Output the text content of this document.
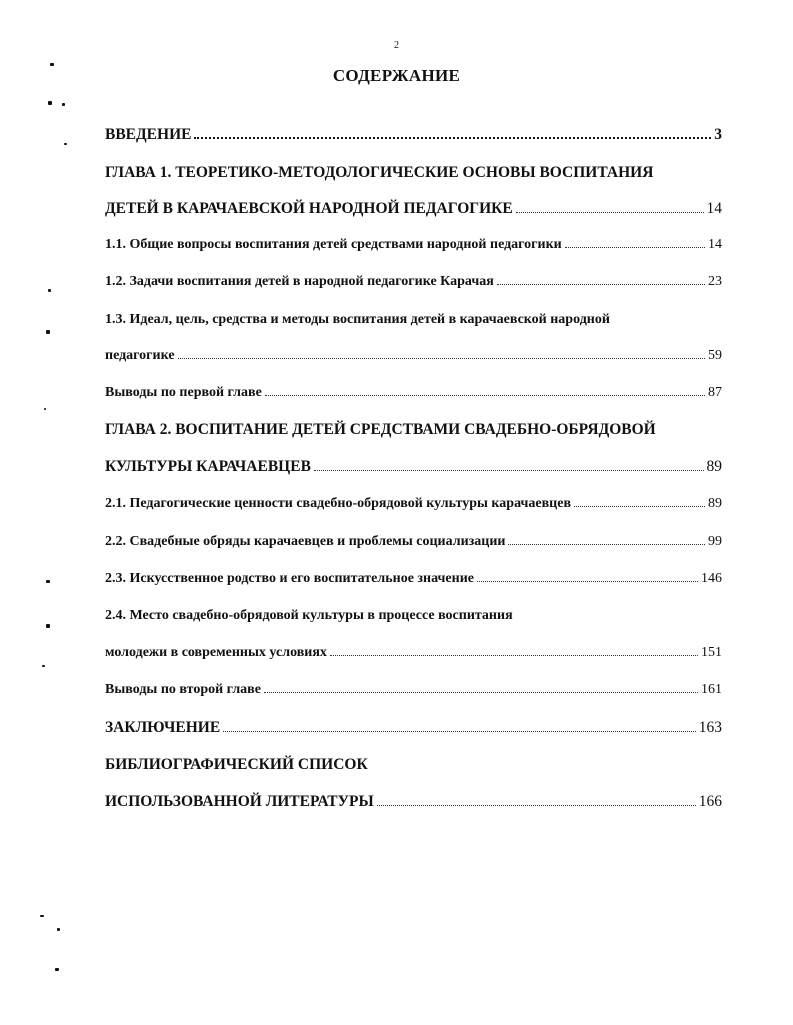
2
СОДЕРЖАНИЕ
ВВЕДЕНИЕ	3
ГЛАВА 1. ТЕОРЕТИКО-МЕТОДОЛОГИЧЕСКИЕ ОСНОВЫ ВОСПИТАНИЯ
ДЕТЕЙ В КАРАЧАЕВСКОЙ НАРОДНОЙ ПЕДАГОГИКЕ	14
1.1. Общие вопросы воспитания детей средствами народной педагогики	14
1.2. Задачи воспитания детей в народной педагогике Карачая	23
1.3. Идеал, цель, средства и методы воспитания детей в карачаевской народной
педагогике	59
Выводы по первой главе	87
ГЛАВА 2. ВОСПИТАНИЕ ДЕТЕЙ СРЕДСТВАМИ СВАДЕБНО-ОБРЯДОВОЙ
КУЛЬТУРЫ КАРАЧАЕВЦЕВ	89
2.1. Педагогические ценности свадебно-обрядовой культуры карачаевцев	89
2.2. Свадебные обряды карачаевцев и проблемы социализации	99
2.3. Искусственное родство и его воспитательное значение	146
2.4. Место свадебно-обрядовой культуры в процессе воспитания
молодежи в современных условиях	151
Выводы по второй главе	161
ЗАКЛЮЧЕНИЕ	163
БИБЛИОГРАФИЧЕСКИЙ СПИСОК
ИСПОЛЬЗОВАННОЙ ЛИТЕРАТУРЫ	166
